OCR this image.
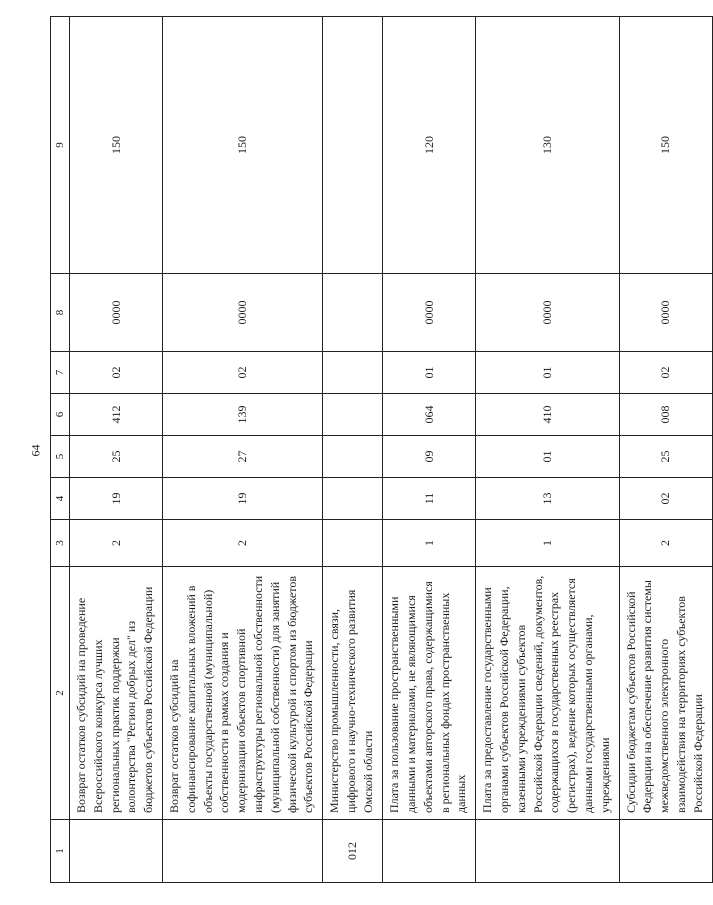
64
1	2	3	4	5	6	7	8	9
	Возврат остатков субсидий на проведение Всероссийского конкурса лучших региональных практик поддержки волонтерства "Регион добрых дел" из бюджетов субъектов Российской Федерации	2	19	25	412	02	0000	150
	Возврат остатков субсидий на софинансирование капитальных вложений в объекты государственной (муниципальной) собственности в рамках создания и модернизации объектов спортивной инфраструктуры региональной собственности (муниципальной собственности) для занятий физической культурой и спортом из бюджетов субъектов Российской Федерации	2	19	27	139	02	0000	150
012	Министерство промышленности, связи, цифрового и научно-технического развития Омской области							
	Плата за пользование пространственными данными и материалами, не являющимися объектами авторского права, содержащимися в региональных фондах пространственных данных	1	11	09	064	01	0000	120
	Плата за предоставление государственными органами субъектов Российской Федерации, казенными учреждениями субъектов Российской Федерации сведений, документов, содержащихся в государственных реестрах (регистрах), ведение которых осуществляется данными государственными органами, учреждениями	1	13	01	410	01	0000	130
	Субсидии бюджетам субъектов Российской Федерации на обеспечение развития системы межведомственного электронного взаимодействия на территориях субъектов Российской Федерации	2	02	25	008	02	0000	150
